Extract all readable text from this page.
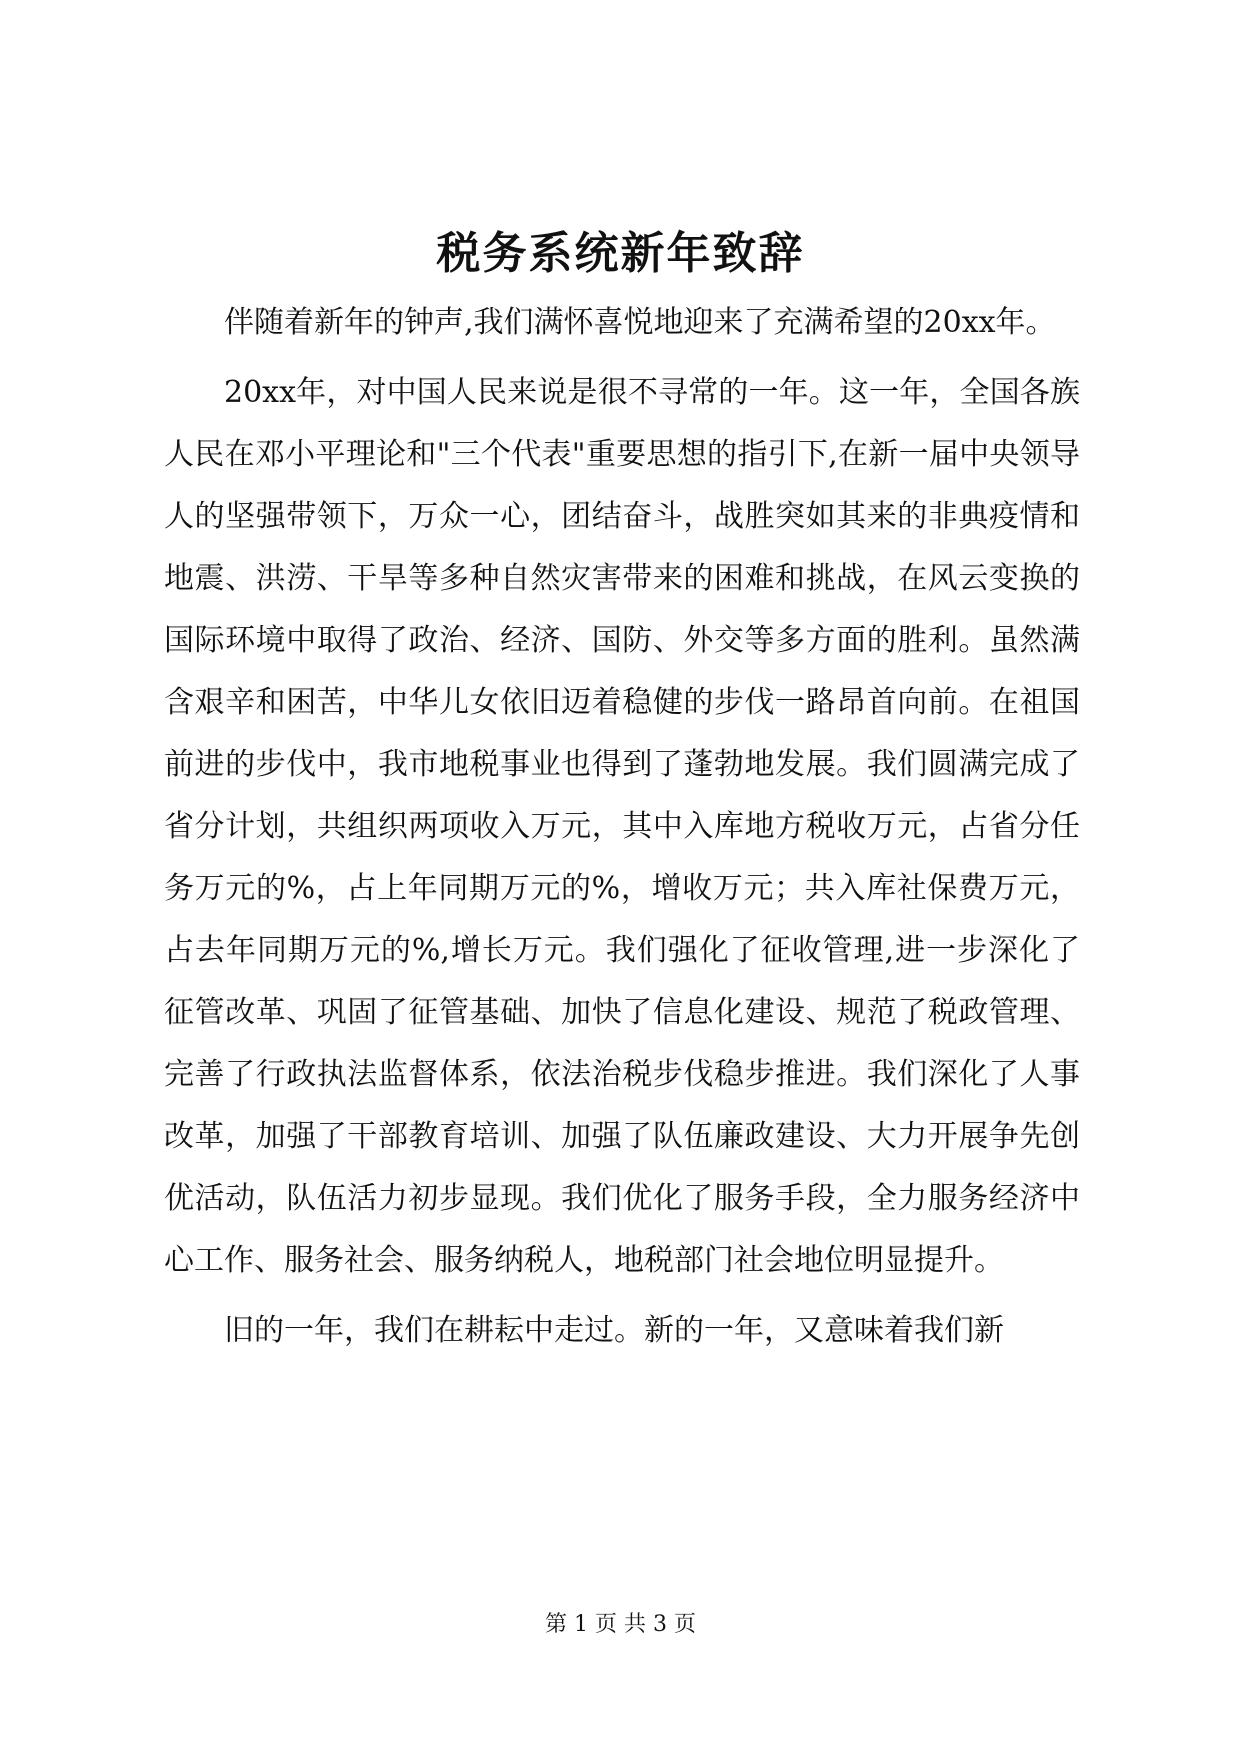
税务系统新年致辞

伴随着新年的钟声,我们满怀喜悦地迎来了充满希望的20xx年。

20xx年，对中国人民来说是很不寻常的一年。这一年，全国各族人民在邓小平理论和"三个代表"重要思想的指引下,在新一届中央领导人的坚强带领下，万众一心，团结奋斗，战胜突如其来的非典疫情和地震、洪涝、干旱等多种自然灾害带来的困难和挑战，在风云变换的国际环境中取得了政治、经济、国防、外交等多方面的胜利。虽然满含艰辛和困苦，中华儿女依旧迈着稳健的步伐一路昂首向前。在祖国前进的步伐中，我市地税事业也得到了蓬勃地发展。我们圆满完成了省分计划，共组织两项收入万元，其中入库地方税收万元，占省分任务万元的%，占上年同期万元的%，增收万元；共入库社保费万元，占去年同期万元的%,增长万元。我们强化了征收管理,进一步深化了征管改革、巩固了征管基础、加快了信息化建设、规范了税政管理、完善了行政执法监督体系，依法治税步伐稳步推进。我们深化了人事改革，加强了干部教育培训、加强了队伍廉政建设、大力开展争先创优活动，队伍活力初步显现。我们优化了服务手段，全力服务经济中心工作、服务社会、服务纳税人，地税部门社会地位明显提升。

旧的一年，我们在耕耘中走过。新的一年，又意味着我们新

第 1 页 共 3 页
